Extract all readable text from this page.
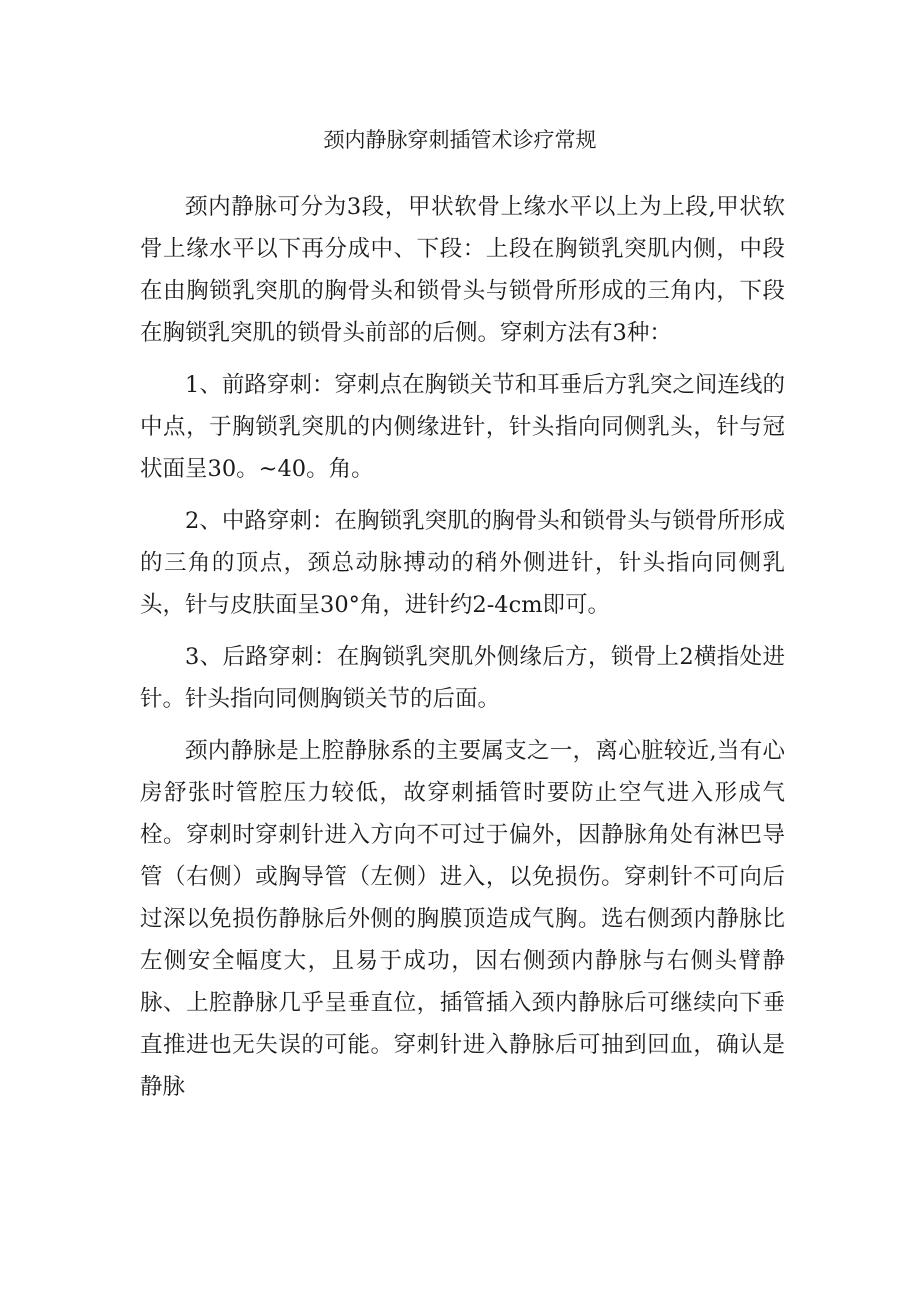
颈内静脉穿刺插管术诊疗常规

颈内静脉可分为3段，甲状软骨上缘水平以上为上段,甲状软骨上缘水平以下再分成中、下段：上段在胸锁乳突肌内侧，中段在由胸锁乳突肌的胸骨头和锁骨头与锁骨所形成的三角内，下段在胸锁乳突肌的锁骨头前部的后侧。穿刺方法有3种：

1、前路穿刺：穿刺点在胸锁关节和耳垂后方乳突之间连线的中点，于胸锁乳突肌的内侧缘进针，针头指向同侧乳头，针与冠状面呈30。~40。角。

2、中路穿刺：在胸锁乳突肌的胸骨头和锁骨头与锁骨所形成的三角的顶点，颈总动脉搏动的稍外侧进针，针头指向同侧乳头，针与皮肤面呈30°角，进针约2-4cm即可。

3、后路穿刺：在胸锁乳突肌外侧缘后方，锁骨上2横指处进针。针头指向同侧胸锁关节的后面。

颈内静脉是上腔静脉系的主要属支之一，离心脏较近,当有心房舒张时管腔压力较低，故穿刺插管时要防止空气进入形成气栓。穿刺时穿刺针进入方向不可过于偏外，因静脉角处有淋巴导管（右侧）或胸导管（左侧）进入，以免损伤。穿刺针不可向后过深以免损伤静脉后外侧的胸膜顶造成气胸。选右侧颈内静脉比左侧安全幅度大，且易于成功，因右侧颈内静脉与右侧头臂静脉、上腔静脉几乎呈垂直位，插管插入颈内静脉后可继续向下垂直推进也无失误的可能。穿刺针进入静脉后可抽到回血，确认是静脉
